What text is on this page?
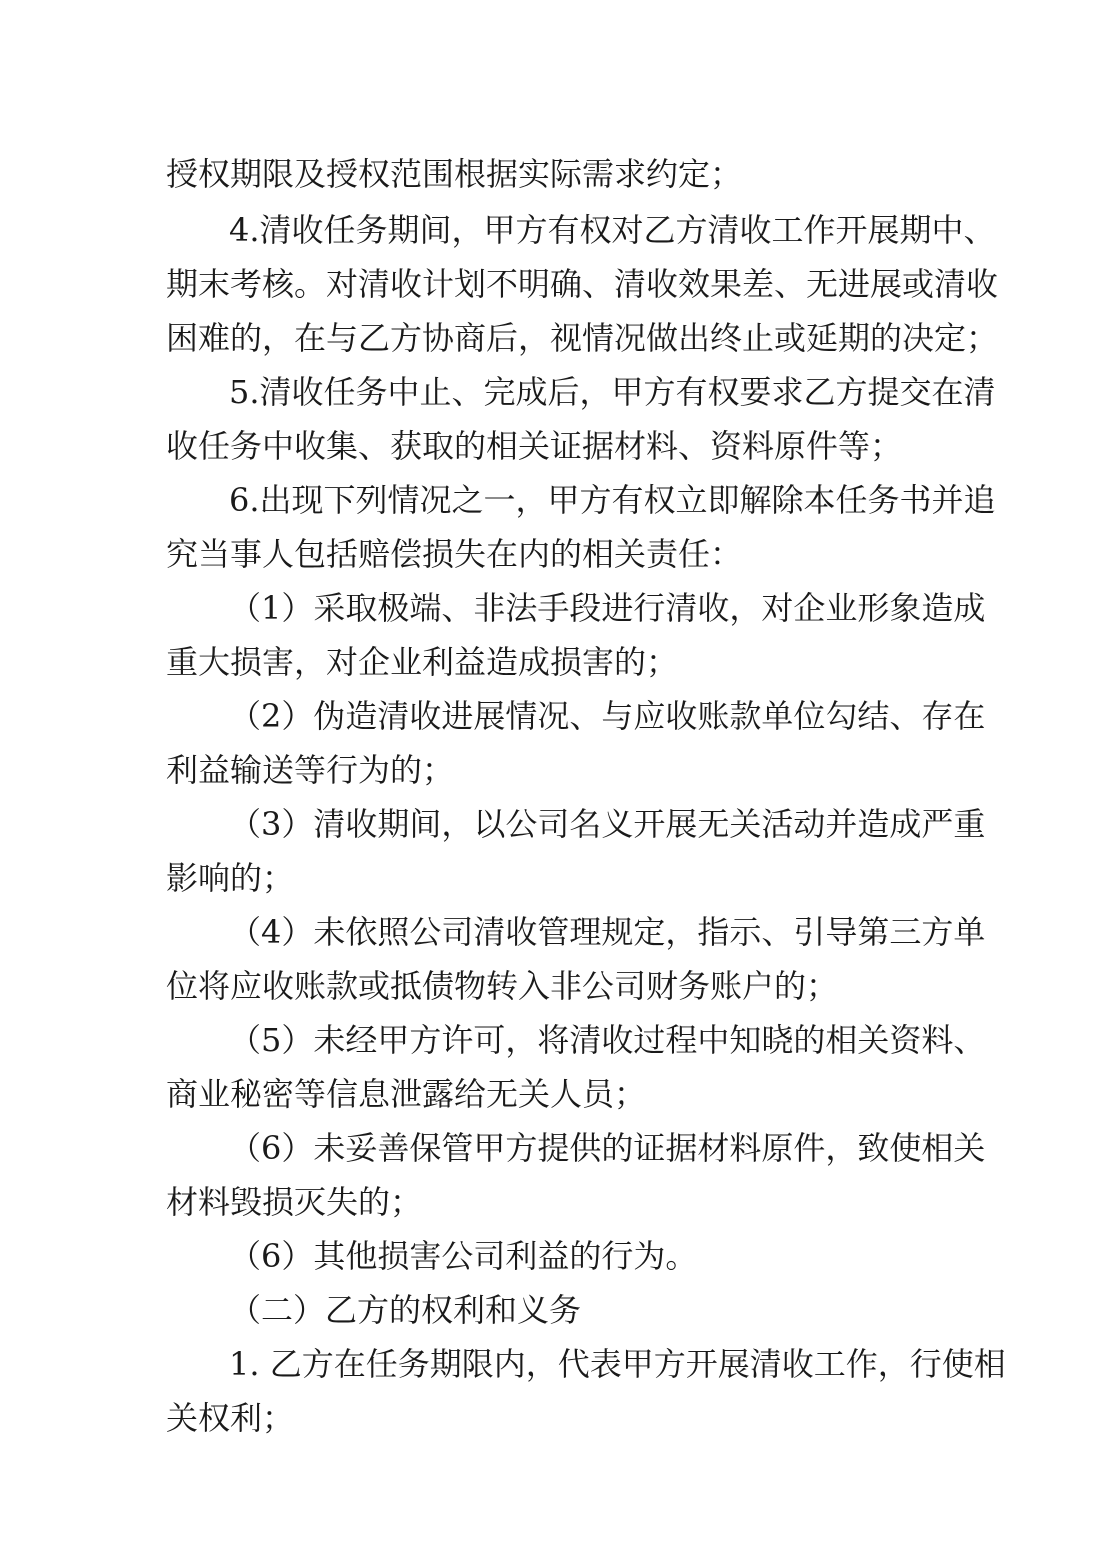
授权期限及授权范围根据实际需求约定；
4.清收任务期间，甲方有权对乙方清收工作开展期中、
期末考核。对清收计划不明确、清收效果差、无进展或清收
困难的，在与乙方协商后，视情况做出终止或延期的决定；
5.清收任务中止、完成后，甲方有权要求乙方提交在清
收任务中收集、获取的相关证据材料、资料原件等；
6.出现下列情况之一，甲方有权立即解除本任务书并追
究当事人包括赔偿损失在内的相关责任：
（1）采取极端、非法手段进行清收，对企业形象造成
重大损害，对企业利益造成损害的；
（2）伪造清收进展情况、与应收账款单位勾结、存在
利益输送等行为的；
（3）清收期间，以公司名义开展无关活动并造成严重
影响的；
（4）未依照公司清收管理规定，指示、引导第三方单
位将应收账款或抵债物转入非公司财务账户的；
（5）未经甲方许可，将清收过程中知晓的相关资料、
商业秘密等信息泄露给无关人员；
（6）未妥善保管甲方提供的证据材料原件，致使相关
材料毁损灭失的；
（6）其他损害公司利益的行为。
（二）乙方的权利和义务
1. 乙方在任务期限内，代表甲方开展清收工作，行使相
关权利；
